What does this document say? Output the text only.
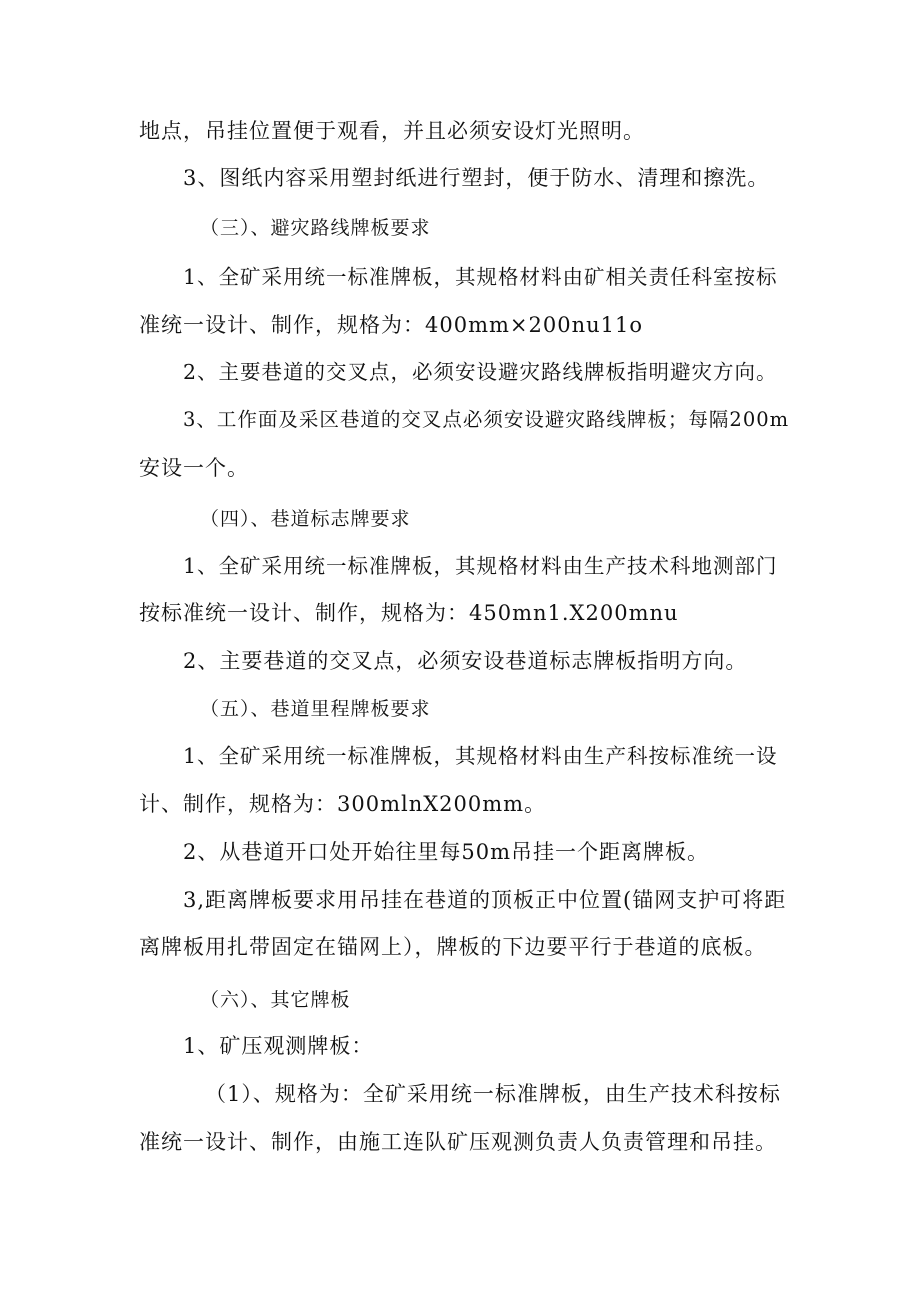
地点，吊挂位置便于观看，并且必须安设灯光照明。
3、图纸内容采用塑封纸进行塑封，便于防水、清理和擦洗。
（三）、避灾路线牌板要求
1、全矿采用统一标准牌板，其规格材料由矿相关责任科室按标
准统一设计、制作，规格为：400mm×200nu11o
2、主要巷道的交叉点，必须安设避灾路线牌板指明避灾方向。
3、工作面及采区巷道的交叉点必须安设避灾路线牌板；每隔200m
安设一个。
（四）、巷道标志牌要求
1、全矿采用统一标准牌板，其规格材料由生产技术科地测部门
按标准统一设计、制作，规格为：450mn1.X200mnu
2、主要巷道的交叉点，必须安设巷道标志牌板指明方向。
（五）、巷道里程牌板要求
1、全矿采用统一标准牌板，其规格材料由生产科按标准统一设
计、制作，规格为：300mlnX200mm。
2、从巷道开口处开始往里每50m吊挂一个距离牌板。
3,距离牌板要求用吊挂在巷道的顶板正中位置(锚网支护可将距
离牌板用扎带固定在锚网上），牌板的下边要平行于巷道的底板。
（六）、其它牌板
1、矿压观测牌板：
（1）、规格为：全矿采用统一标准牌板，由生产技术科按标
准统一设计、制作，由施工连队矿压观测负责人负责管理和吊挂。
